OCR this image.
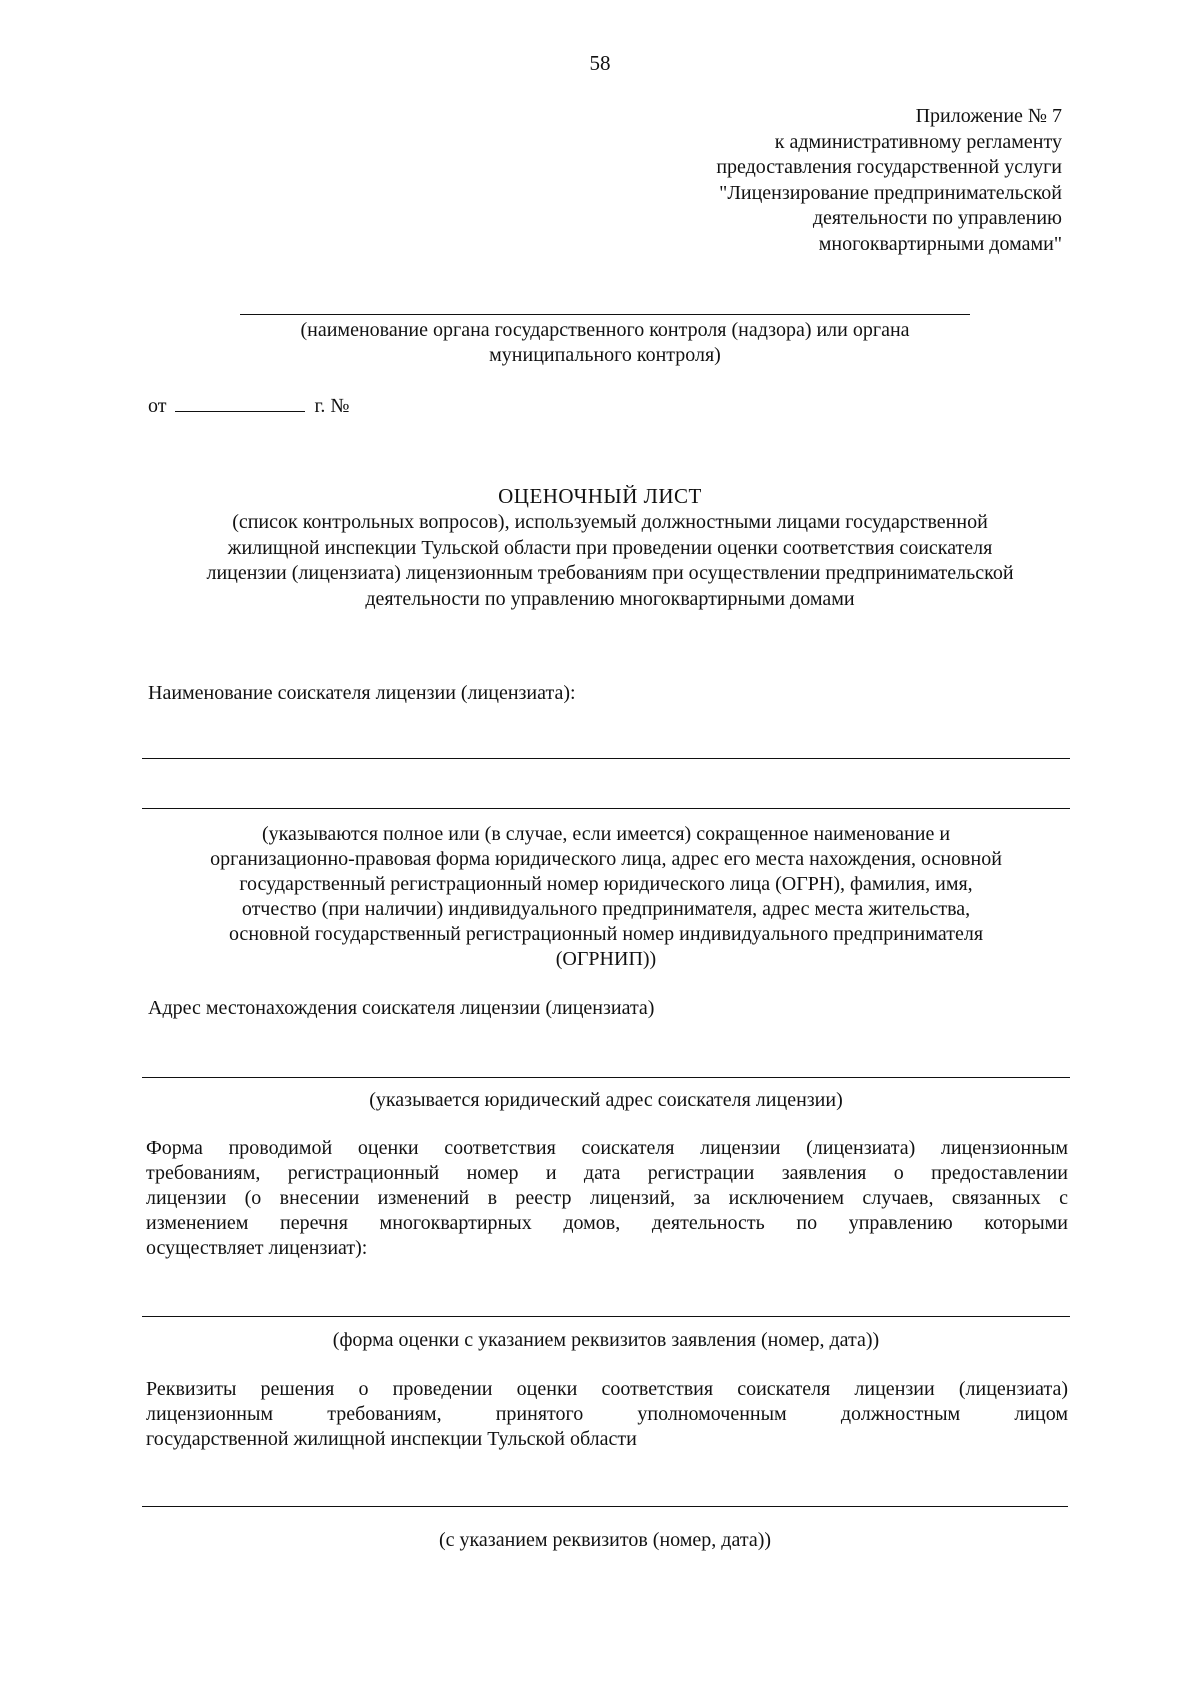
58
Приложение № 7
к административному регламенту
предоставления государственной услуги
"Лицензирование предпринимательской
деятельности по управлению
многоквартирными домами"
(наименование органа государственного контроля (надзора) или органа
муниципального контроля)
от	г. №
ОЦЕНОЧНЫЙ ЛИСТ
(список контрольных вопросов), используемый должностными лицами государственной
жилищной инспекции Тульской области при проведении оценки соответствия соискателя
лицензии (лицензиата) лицензионным требованиям при осуществлении предпринимательской
деятельности по управлению многоквартирными домами
Наименование соискателя лицензии (лицензиата):
(указываются полное или (в случае, если имеется) сокращенное наименование и
организационно-правовая форма юридического лица, адрес его места нахождения, основной
государственный регистрационный номер юридического лица (ОГРН), фамилия, имя,
отчество (при наличии) индивидуального предпринимателя, адрес места жительства,
основной государственный регистрационный номер индивидуального предпринимателя
(ОГРНИП))
Адрес местонахождения соискателя лицензии (лицензиата)
(указывается юридический адрес соискателя лицензии)
Форма проводимой оценки соответствия соискателя лицензии (лицензиата) лицензионным
требованиям, регистрационный номер и дата регистрации заявления о предоставлении
лицензии (о внесении изменений в реестр лицензий, за исключением случаев, связанных с
изменением перечня многоквартирных домов, деятельность по управлению которыми
осуществляет лицензиат):
(форма оценки с указанием реквизитов заявления (номер, дата))
Реквизиты решения о проведении оценки соответствия соискателя лицензии (лицензиата)
лицензионным требованиям, принятого уполномоченным должностным лицом
государственной жилищной инспекции Тульской области
(с указанием реквизитов (номер, дата))
